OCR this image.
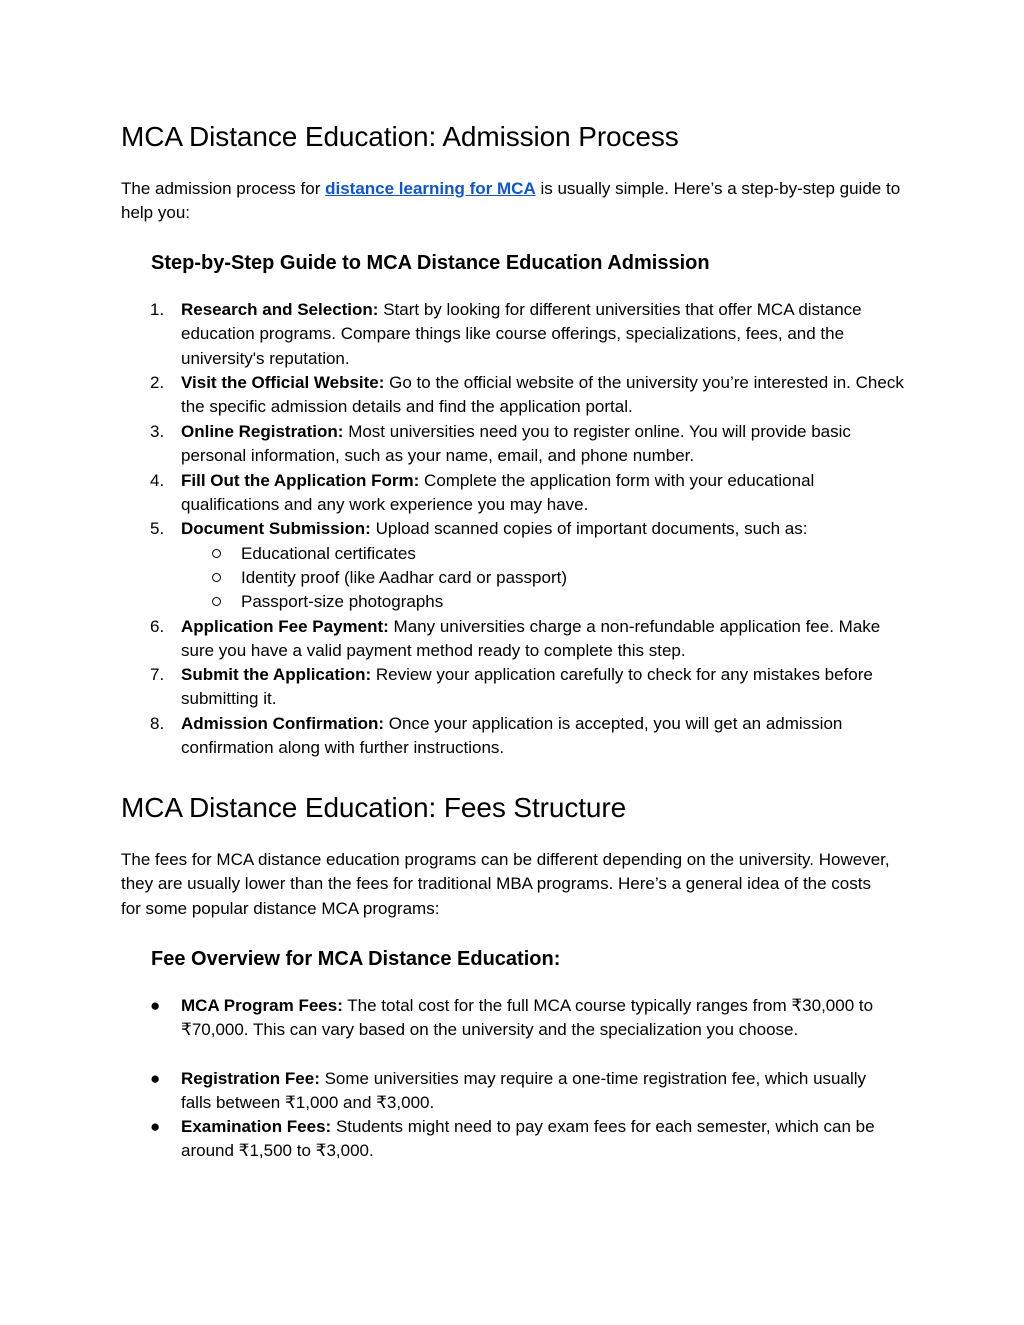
MCA Distance Education: Admission Process

The admission process for distance learning for MCA is usually simple. Here’s a step-by-step guide to help you:

Step-by-Step Guide to MCA Distance Education Admission
1. Research and Selection: Start by looking for different universities that offer MCA distance education programs. Compare things like course offerings, specializations, fees, and the university's reputation.
2. Visit the Official Website: Go to the official website of the university you’re interested in. Check the specific admission details and find the application portal.
3. Online Registration: Most universities need you to register online. You will provide basic personal information, such as your name, email, and phone number.
4. Fill Out the Application Form: Complete the application form with your educational qualifications and any work experience you may have.
5. Document Submission: Upload scanned copies of important documents, such as:
Educational certificates
Identity proof (like Aadhar card or passport)
Passport-size photographs
6. Application Fee Payment: Many universities charge a non-refundable application fee. Make sure you have a valid payment method ready to complete this step.
7. Submit the Application: Review your application carefully to check for any mistakes before submitting it.
8. Admission Confirmation: Once your application is accepted, you will get an admission confirmation along with further instructions.
MCA Distance Education: Fees Structure

The fees for MCA distance education programs can be different depending on the university. However, they are usually lower than the fees for traditional MBA programs. Here’s a general idea of the costs for some popular distance MCA programs:

Fee Overview for MCA Distance Education:
● MCA Program Fees: The total cost for the full MCA course typically ranges from ₹30,000 to ₹70,000. This can vary based on the university and the specialization you choose.
● Registration Fee: Some universities may require a one-time registration fee, which usually falls between ₹1,000 and ₹3,000.
● Examination Fees: Students might need to pay exam fees for each semester, which can be around ₹1,500 to ₹3,000.
